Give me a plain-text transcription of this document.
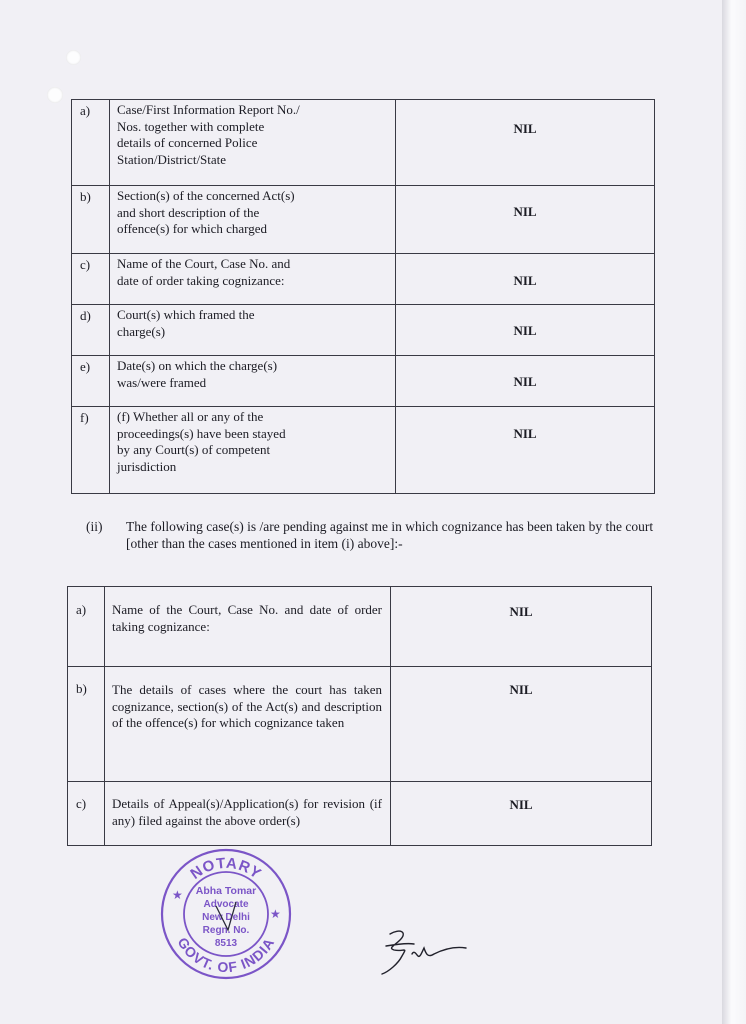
a)	Case/First Information Report No./
Nos. together with complete
details of concerned Police
Station/District/State	NIL

b)	Section(s) of the concerned Act(s)
and short description of the
offence(s) for which charged	NIL

c)	Name of the Court, Case No. and
date of order taking cognizance:	NIL

d)	Court(s) which framed the
charge(s)	NIL

e)	Date(s) on which the charge(s)
was/were framed	NIL

f)	(f) Whether all or any of the
proceedings(s) have been stayed
by any Court(s) of competent
jurisdiction	NIL
(ii) The following case(s) is /are pending against me in which cognizance has been taken by the court [other than the cases mentioned in item (i) above]:-
a)	Name of the Court, Case No. and date of order taking cognizance:	NIL

b)	The details of cases where the court has taken cognizance, section(s) of the Act(s) and description of the offence(s) for which cognizance taken	NIL

c)	Details of Appeal(s)/Application(s) for revision (if any) filed against the above order(s)	NIL
NOTARY
GOVT. OF INDIA
★
★
Abha Tomar
Advocate
New Delhi
Regn. No.
8513
